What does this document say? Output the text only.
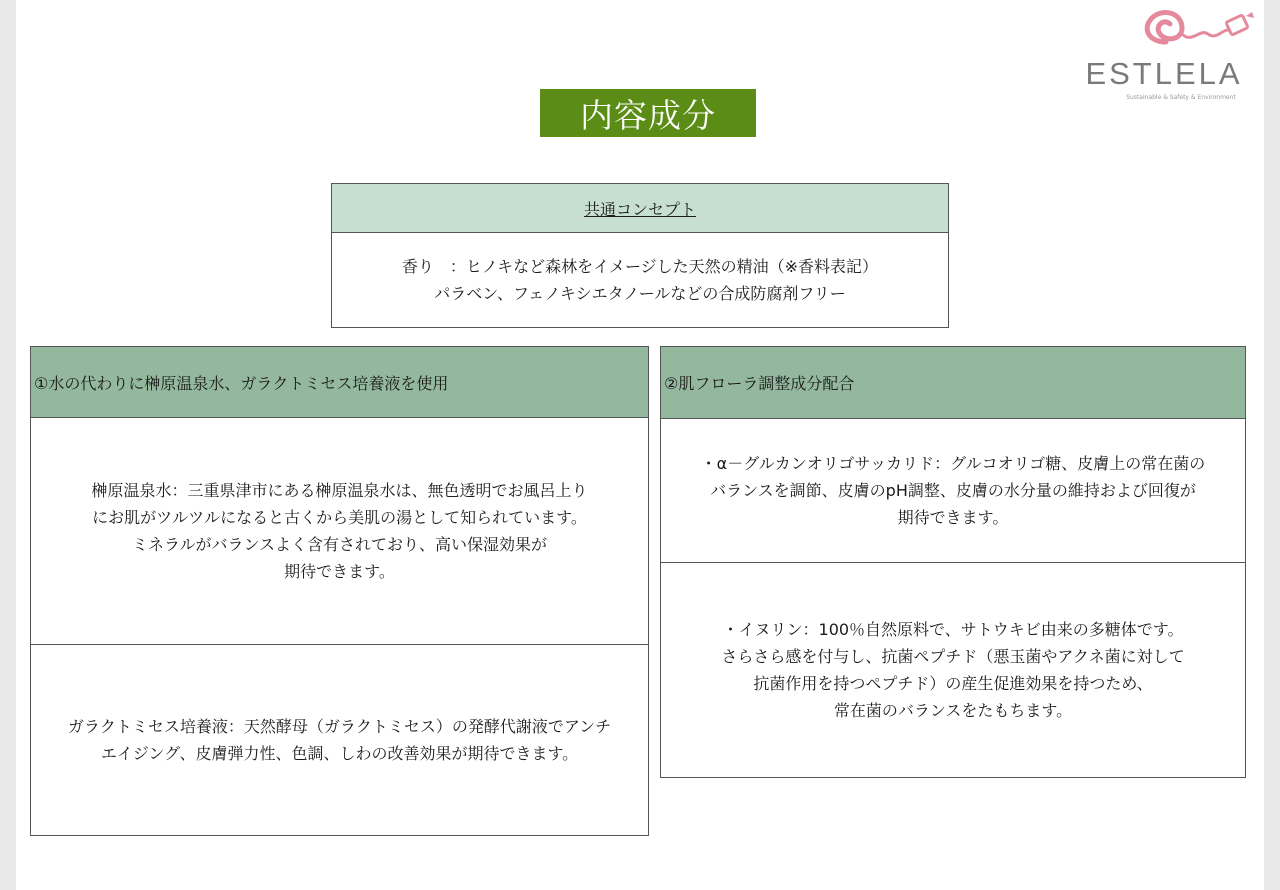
ESTLELA
Sustainable & Safety & Environment
内容成分
共通コンセプト
香り　：ヒノキなど森林をイメージした天然の精油（※香料表記）
パラベン、フェノキシエタノールなどの合成防腐剤フリー
①水の代わりに榊原温泉水、ガラクトミセス培養液を使用
榊原温泉水：三重県津市にある榊原温泉水は、無色透明でお風呂上り
にお肌がツルツルになると古くから美肌の湯として知られています。
ミネラルがバランスよく含有されており、高い保湿効果が
期待できます。
ガラクトミセス培養液：天然酵母（ガラクトミセス）の発酵代謝液でアンチ
エイジング、皮膚弾力性、色調、しわの改善効果が期待できます。
②肌フローラ調整成分配合
・α－グルカンオリゴサッカリド：グルコオリゴ糖、皮膚上の常在菌の
バランスを調節、皮膚のpH調整、皮膚の水分量の維持および回復が
期待できます。
・イヌリン：100％自然原料で、サトウキビ由来の多糖体です。
さらさら感を付与し、抗菌ペプチド（悪玉菌やアクネ菌に対して
抗菌作用を持つペプチド）の産生促進効果を持つため、
常在菌のバランスをたもちます。
